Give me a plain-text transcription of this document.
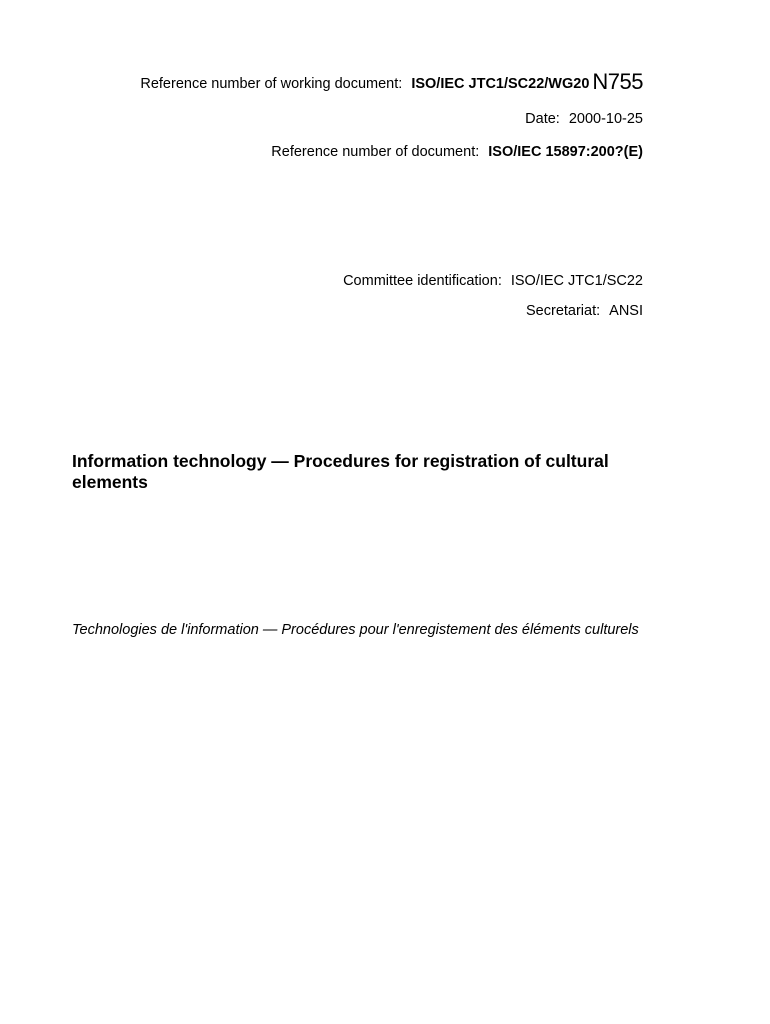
Reference number of working document: ISO/IEC JTC1/SC22/WG20 N755
Date: 2000-10-25
Reference number of document: ISO/IEC 15897:200?(E)
Committee identification: ISO/IEC JTC1/SC22
Secretariat: ANSI
Information technology — Procedures for registration of cultural elements
Technologies de l'information — Procédures pour l'enregistement des éléments culturels
